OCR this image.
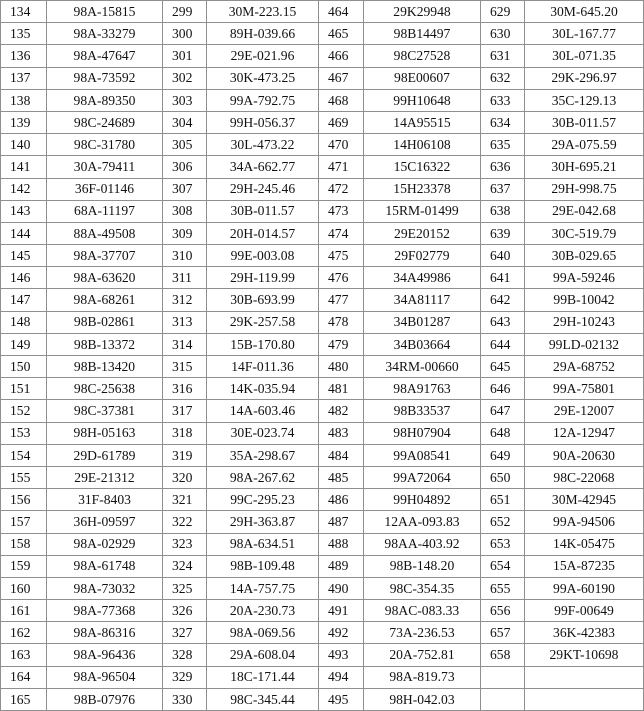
134	98A-15815	299	30M-223.15	464	29K29948	629	30M-645.20
135	98A-33279	300	89H-039.66	465	98B14497	630	30L-167.77
136	98A-47647	301	29E-021.96	466	98C27528	631	30L-071.35
137	98A-73592	302	30K-473.25	467	98E00607	632	29K-296.97
138	98A-89350	303	99A-792.75	468	99H10648	633	35C-129.13
139	98C-24689	304	99H-056.37	469	14A95515	634	30B-011.57
140	98C-31780	305	30L-473.22	470	14H06108	635	29A-075.59
141	30A-79411	306	34A-662.77	471	15C16322	636	30H-695.21
142	36F-01146	307	29H-245.46	472	15H23378	637	29H-998.75
143	68A-11197	308	30B-011.57	473	15RM-01499	638	29E-042.68
144	88A-49508	309	20H-014.57	474	29E20152	639	30C-519.79
145	98A-37707	310	99E-003.08	475	29F02779	640	30B-029.65
146	98A-63620	311	29H-119.99	476	34A49986	641	99A-59246
147	98A-68261	312	30B-693.99	477	34A81117	642	99B-10042
148	98B-02861	313	29K-257.58	478	34B01287	643	29H-10243
149	98B-13372	314	15B-170.80	479	34B03664	644	99LD-02132
150	98B-13420	315	14F-011.36	480	34RM-00660	645	29A-68752
151	98C-25638	316	14K-035.94	481	98A91763	646	99A-75801
152	98C-37381	317	14A-603.46	482	98B33537	647	29E-12007
153	98H-05163	318	30E-023.74	483	98H07904	648	12A-12947
154	29D-61789	319	35A-298.67	484	99A08541	649	90A-20630
155	29E-21312	320	98A-267.62	485	99A72064	650	98C-22068
156	31F-8403	321	99C-295.23	486	99H04892	651	30M-42945
157	36H-09597	322	29H-363.87	487	12AA-093.83	652	99A-94506
158	98A-02929	323	98A-634.51	488	98AA-403.92	653	14K-05475
159	98A-61748	324	98B-109.48	489	98B-148.20	654	15A-87235
160	98A-73032	325	14A-757.75	490	98C-354.35	655	99A-60190
161	98A-77368	326	20A-230.73	491	98AC-083.33	656	99F-00649
162	98A-86316	327	98A-069.56	492	73A-236.53	657	36K-42383
163	98A-96436	328	29A-608.04	493	20A-752.81	658	29KT-10698
164	98A-96504	329	18C-171.44	494	98A-819.73		
165	98B-07976	330	98C-345.44	495	98H-042.03		
